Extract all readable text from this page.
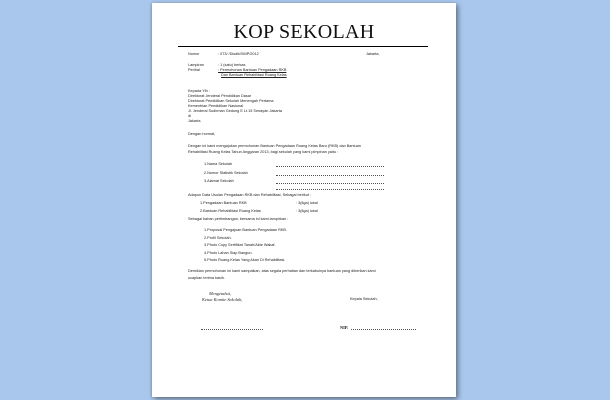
KOP SEKOLAH
Nomor	: 073/ /Disdik/SMP/2012	Jakarta,
Lampiran	: 1 (satu) berkas
Perihal	: Permohonan Bantuan Pengadaan RKB
Dan Bantuan Rehabilitasi Ruang Kelas
Kepada Yth :
Direktorat Jenderal Pendidikan Dasar
Direktorat Pendidikan Sekolah Menengah Pertama
Kementrian Pendidikan Nasional
Jl. Jenderal Sudirman Gedung E Lt.15 Senayan Jakarta
di
Jakarta
Dengan hormat,
Dengan ini kami mengajukan permohonan Bantuan Pengadaan Ruang Kelas Baru (RKB) dan Bantuan
Rehabilitasi Ruang Kelas Tahun Anggaran 2013, bagi sekolah yang kami pimpinan yaitu :
1.Nama Sekolah
2.Nomor Statistik Sekolah
3.Alamat Sekolah
Adapun Data Usulan Pengadaan RKB dan Rehabilitasi, Sebagai berikut :
1.Pengadaan Bantuan RKB	: 3(tiga) lokal
2.Bantuan Rehabilitasi Ruang Kelas	: 3(tiga) lokal
Sebagai bahan pertimbangan, bersama ini kami lampirkan :
1.Proposal Pengajuan Bantuan Pengadaan RKB.
2.Profil Sekolah.
3.Photo Copy Sertifikat Tanah/Akte Wakaf.
4.Photo Lahan Siap Bangun.
5.Photo Ruang Kelas Yang Akan Di Rehabilitasi.
Demikian permohonan ini kami sampaikan, atas segala perhatian dan terkabulnya bantuan yang diberikan kami
ucapkan terima kasih.
Mengetahui,
Ketua Komite Sekolah,	Kepala Sekolah,
NIP.
